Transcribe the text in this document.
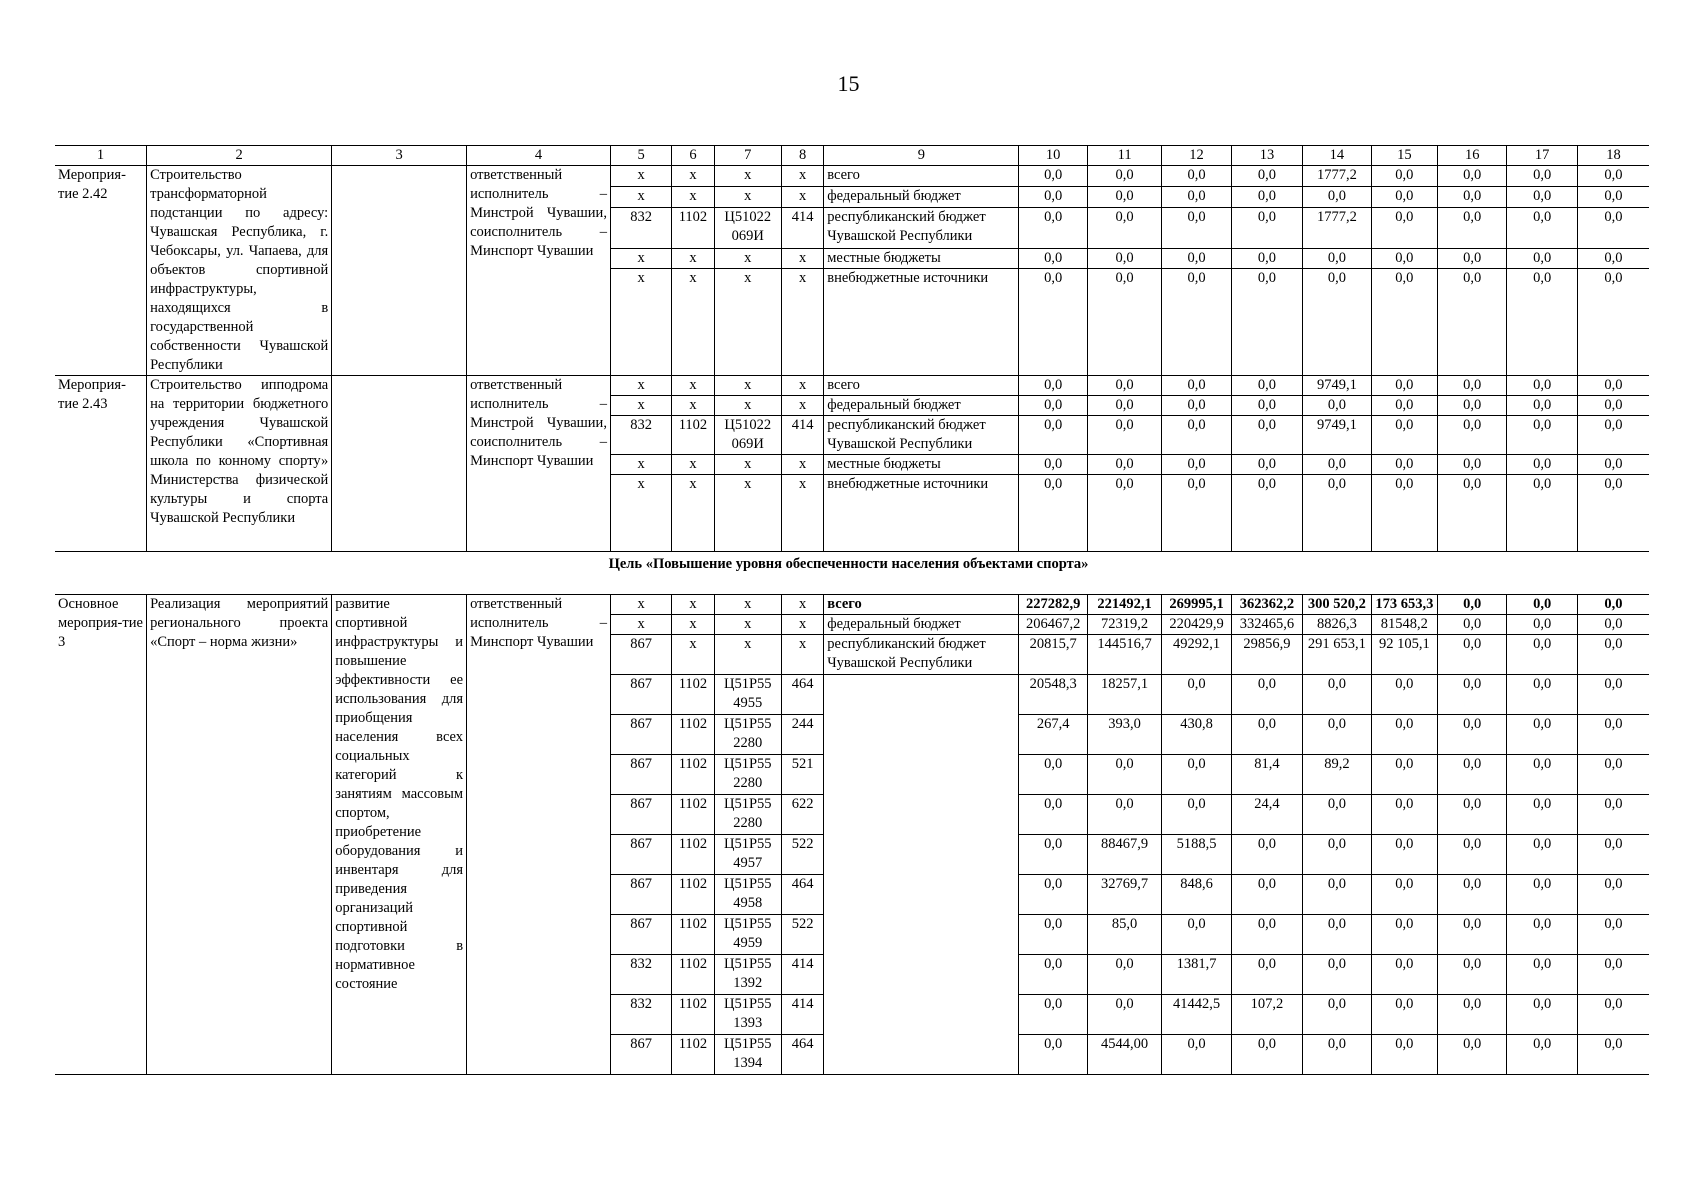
15
1	2	3	4	5	6	7	8	9	10	11	12	13	14	15	16	17	18
Мероприя-
тие 2.42	Строительство трансформаторной подстанции по адресу: Чувашская Республика, г. Чебоксары, ул. Чапаева, для объектов спортивной инфраструктуры, находящихся в государственной собственности Чувашской Республики		ответственный исполнитель – Минстрой Чувашии, соисполнитель – Минспорт Чувашии	x	x	x	x	всего	0,0	0,0	0,0	0,0	1777,2	0,0	0,0	0,0	0,0
				x	x	x	x	федеральный бюджет	0,0	0,0	0,0	0,0	0,0	0,0	0,0	0,0	0,0
				832	1102	Ц51022
069И	414	республиканский бюджет Чувашской Республики	0,0	0,0	0,0	0,0	1777,2	0,0	0,0	0,0	0,0
				x	x	x	x	местные бюджеты	0,0	0,0	0,0	0,0	0,0	0,0	0,0	0,0	0,0
				x	x	x	x	внебюджетные источники	0,0	0,0	0,0	0,0	0,0	0,0	0,0	0,0	0,0
Мероприя-
тие 2.43	Строительство ипподрома на территории бюджетного учреждения Чувашской Республики «Спортивная школа по конному спорту» Министерства физической культуры и спорта Чувашской Республики		ответственный исполнитель – Минстрой Чувашии, соисполнитель – Минспорт Чувашии	x	x	x	x	всего	0,0	0,0	0,0	0,0	9749,1	0,0	0,0	0,0	0,0
				x	x	x	x	федеральный бюджет	0,0	0,0	0,0	0,0	0,0	0,0	0,0	0,0	0,0
				832	1102	Ц51022
069И	414	республиканский бюджет Чувашской Республики	0,0	0,0	0,0	0,0	9749,1	0,0	0,0	0,0	0,0
				x	x	x	x	местные бюджеты	0,0	0,0	0,0	0,0	0,0	0,0	0,0	0,0	0,0
				x	x	x	x	внебюджетные источники	0,0	0,0	0,0	0,0	0,0	0,0	0,0	0,0	0,0
Цель «Повышение уровня обеспеченности населения объектами спорта»
Основное мероприя-тие 3	Реализация мероприятий регионального проекта «Спорт – норма жизни»	развитие спортивной инфраструктуры и повышение эффективности ее использования для приобщения населения всех социальных категорий к занятиям массовым спортом, приобретение оборудования и инвентаря для приведения организаций спортивной подготовки в нормативное состояние	ответственный исполнитель – Минспорт Чувашии	x	x	x	x	всего	227282,9	221492,1	269995,1	362362,2	300 520,2	173 653,3	0,0	0,0	0,0
				x	x	x	x	федеральный бюджет	206467,2	72319,2	220429,9	332465,6	8826,3	81548,2	0,0	0,0	0,0
				867	x	x	x	республиканский бюджет Чувашской Республики	20815,7	144516,7	49292,1	29856,9	291 653,1	92 105,1	0,0	0,0	0,0
				867	1102	Ц51Р55
4955	464		20548,3	18257,1	0,0	0,0	0,0	0,0	0,0	0,0	0,0
				867	1102	Ц51Р55
2280	244		267,4	393,0	430,8	0,0	0,0	0,0	0,0	0,0	0,0
				867	1102	Ц51Р55
2280	521		0,0	0,0	0,0	81,4	89,2	0,0	0,0	0,0	0,0
				867	1102	Ц51Р55
2280	622		0,0	0,0	0,0	24,4	0,0	0,0	0,0	0,0	0,0
				867	1102	Ц51Р55
4957	522		0,0	88467,9	5188,5	0,0	0,0	0,0	0,0	0,0	0,0
				867	1102	Ц51Р55
4958	464		0,0	32769,7	848,6	0,0	0,0	0,0	0,0	0,0	0,0
				867	1102	Ц51Р55
4959	522		0,0	85,0	0,0	0,0	0,0	0,0	0,0	0,0	0,0
				832	1102	Ц51Р55
1392	414		0,0	0,0	1381,7	0,0	0,0	0,0	0,0	0,0	0,0
				832	1102	Ц51Р55
1393	414		0,0	0,0	41442,5	107,2	0,0	0,0	0,0	0,0	0,0
				867	1102	Ц51Р55
1394	464		0,0	4544,00	0,0	0,0	0,0	0,0	0,0	0,0	0,0
